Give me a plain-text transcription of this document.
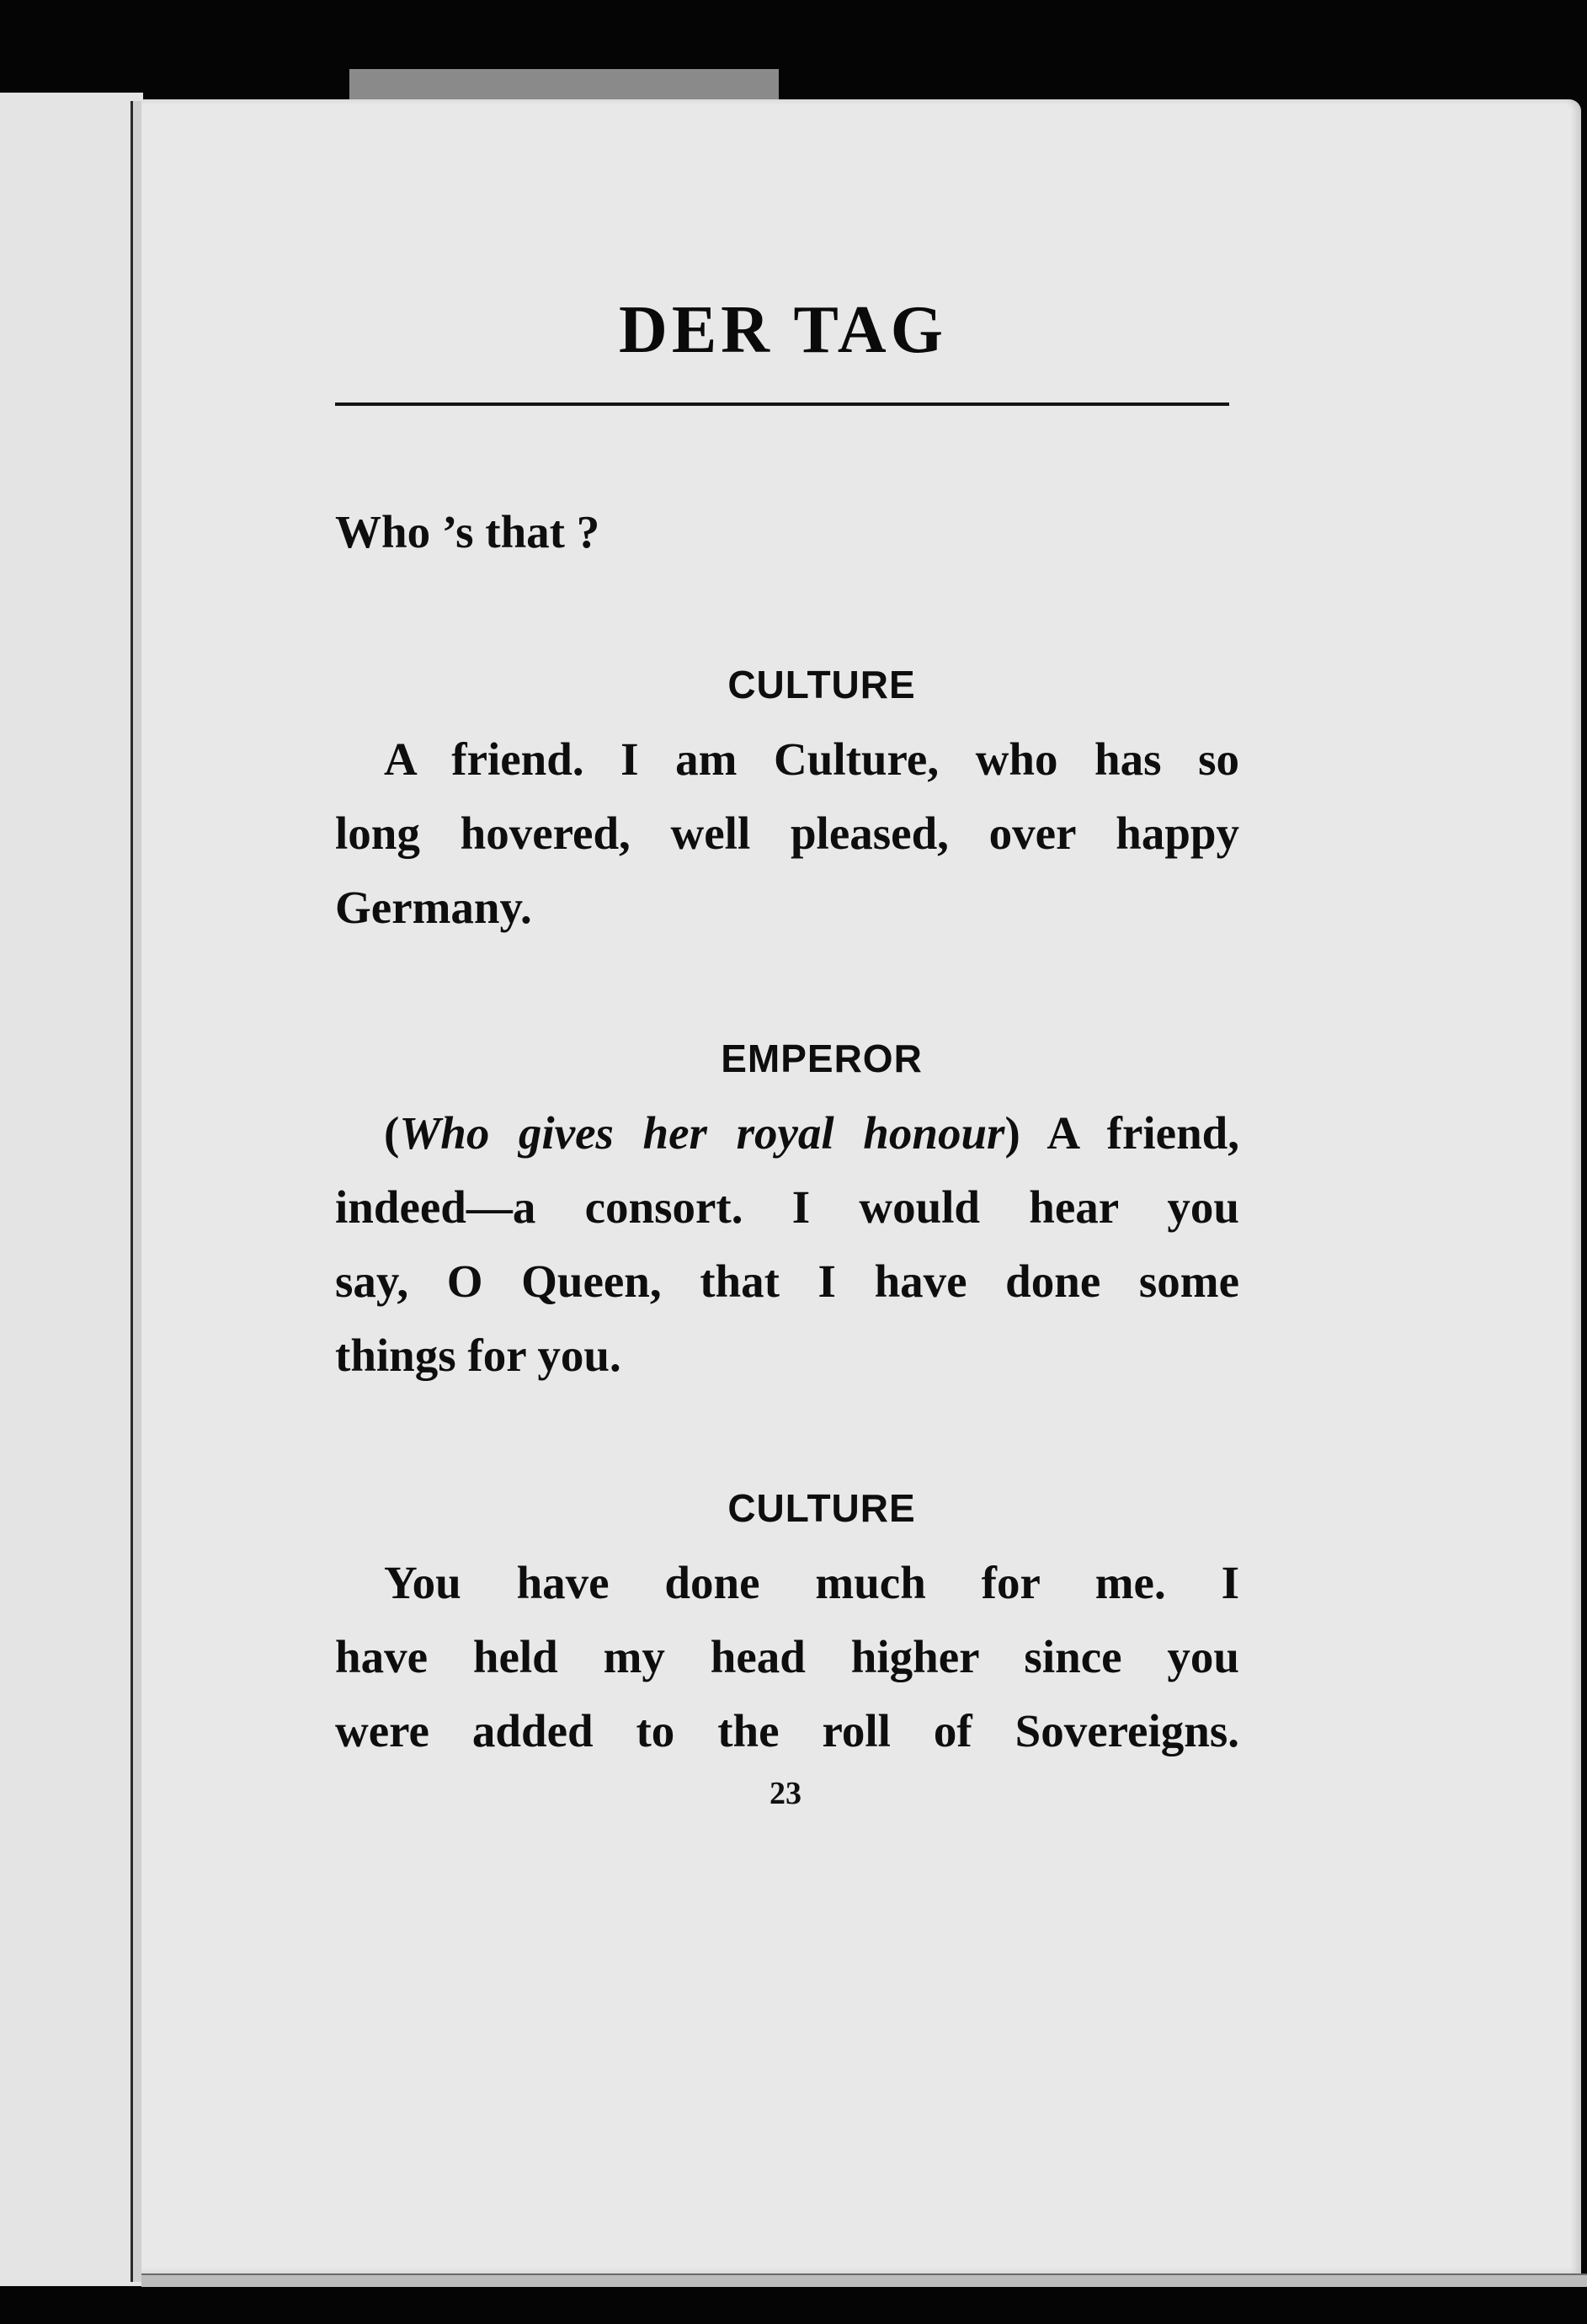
DER TAG
Who ’s that ?
CULTURE
A friend. I am Culture, who has so
long hovered, well pleased, over happy
Germany.
EMPEROR
(Who gives her royal honour) A friend,
indeed—a consort. I would hear you
say, O Queen, that I have done some
things for you.
CULTURE
You have done much for me. I
have held my head higher since you
were added to the roll of Sovereigns.
23
